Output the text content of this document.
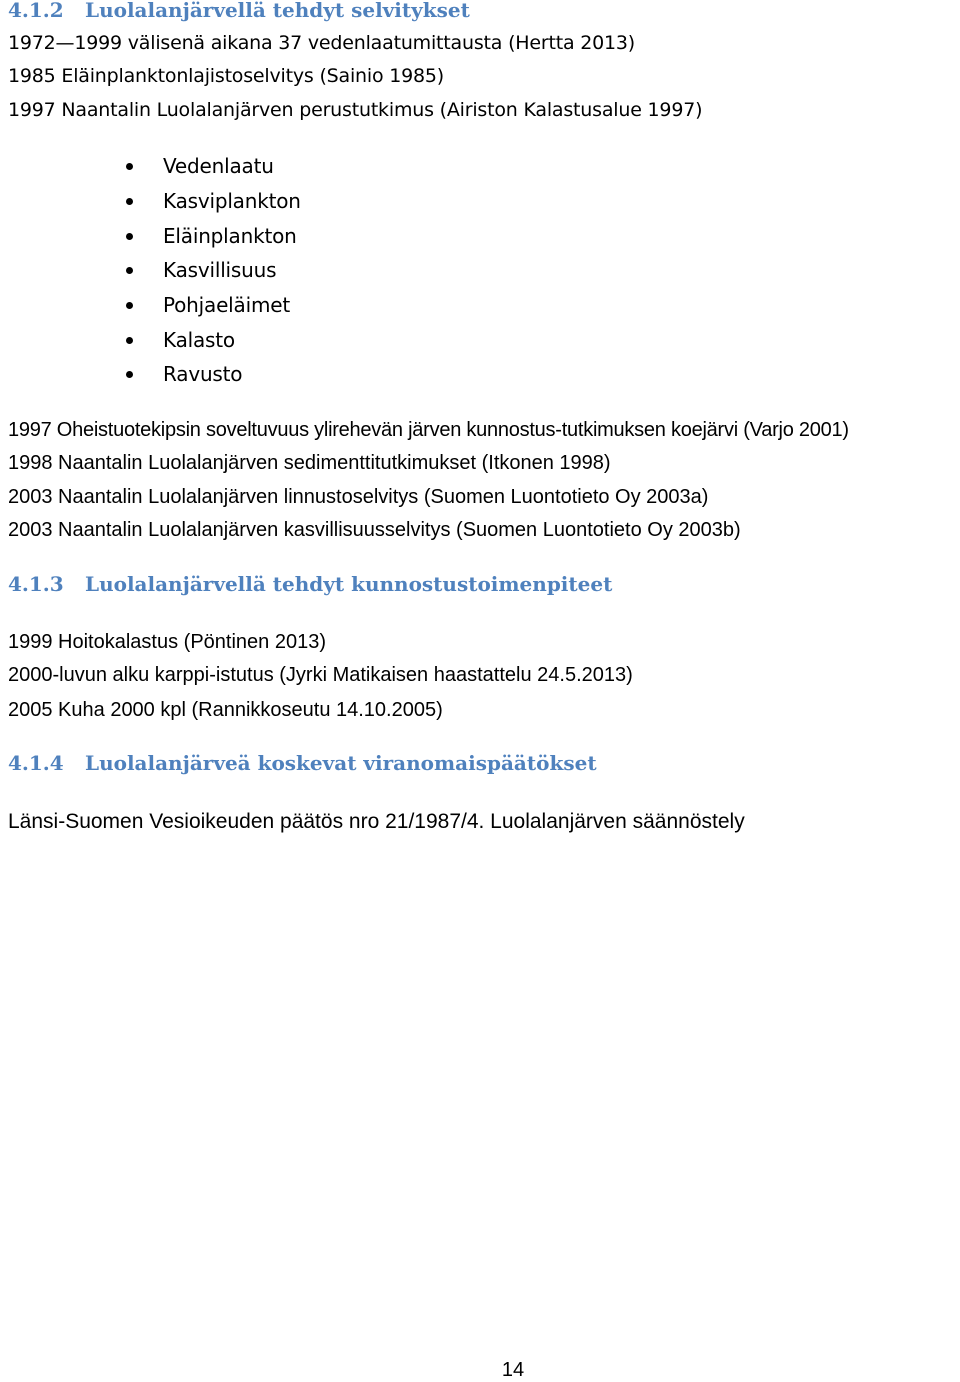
4.1.2 Luolalanjärvellä tehdyt selvitykset
1972—1999 välisenä aikana 37 vedenlaatumittausta (Hertta 2013)
1985 Eläinplanktonlajistoselvitys (Sainio 1985)
1997 Naantalin Luolalanjärven perustutkimus (Airiston Kalastusalue 1997)
Vedenlaatu
Kasviplankton
Eläinplankton
Kasvillisuus
Pohjaeläimet
Kalasto
Ravusto
1997 Oheistuotekipsin soveltuvuus ylirehevän järven kunnostus-tutkimuksen koejärvi (Varjo 2001)
1998 Naantalin Luolalanjärven sedimenttitutkimukset (Itkonen 1998)
2003 Naantalin Luolalanjärven linnustoselvitys (Suomen Luontotieto Oy 2003a)
2003 Naantalin Luolalanjärven kasvillisuusselvitys (Suomen Luontotieto Oy 2003b)
4.1.3 Luolalanjärvellä tehdyt kunnostustoimenpiteet
1999 Hoitokalastus (Pöntinen 2013)
2000-luvun alku karppi-istutus (Jyrki Matikaisen haastattelu 24.5.2013)
2005 Kuha 2000 kpl (Rannikkoseutu 14.10.2005)
4.1.4 Luolalanjärveä koskevat viranomaispäätökset
Länsi-Suomen Vesioikeuden päätös nro 21/1987/4. Luolalanjärven säännöstely
14
